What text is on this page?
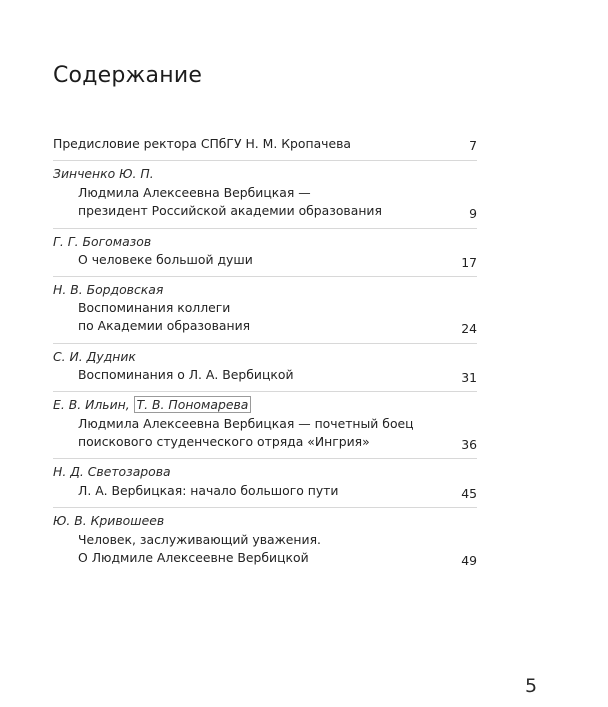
Содержание
Предисловие ректора СПбГУ Н. М. Кропачева	7
Зинченко Ю. П.
Людмила Алексеевна Вербицкая —
президент Российской академии образования	9
Г. Г. Богомазов
О человеке большой души	17
Н. В. Бордовская
Воспоминания коллеги
по Академии образования	24
С. И. Дудник
Воспоминания о Л. А. Вербицкой	31
Е. В. Ильин, Т. В. Пономарева
Людмила Алексеевна Вербицкая — почетный боец
поискового студенческого отряда «Ингрия»	36
Н. Д. Светозарова
Л. А. Вербицкая: начало большого пути	45
Ю. В. Кривошеев
Человек, заслуживающий уважения.
О Людмиле Алексеевне Вербицкой	49
5
